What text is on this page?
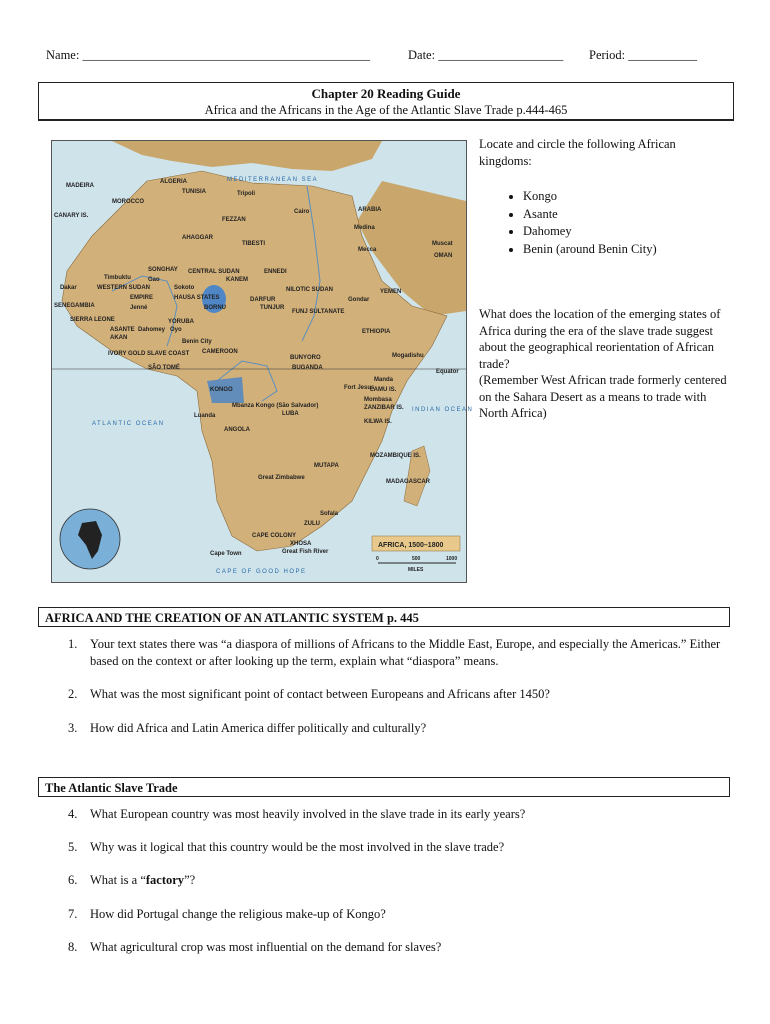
Name: ______________________________________________	Date: ____________________ Period: ___________
Chapter 20 Reading Guide
Africa and the Africans in the Age of the Atlantic Slave Trade p.444-465
MADEIRA
CANARY IS.
ALGERIA
TUNISIA
MOROCCO
Tripoli
MEDITERRANEAN SEA
Cairo
FEZZAN
AHAGGAR
TIBESTI
ARABIA
Medina
Mecca
Muscat
OMAN
SONGHAY
Timbuktu	Gao
WESTERN SUDAN
EMPIRE
Jenné
Dakar
SENEGAMBIA
SIERRA LEONE
ASANTE
AKAN
Dahomey Oyo
Benin City
YORUBA
HAUSA STATES
Sokoto
CENTRAL SUDAN
KANEM
BORNU
ENNEDI
DARFUR
TUNJUR
NILOTIC SUDAN
FUNJ SULTANATE
Gondar
YEMEN
ETHIOPIA
IVORY GOLD SLAVE COAST
SÃO TOMÉ
CAMEROON
BUNYORO
BUGANDA
Mogadishu
Equator
KONGO
Mbanza Kongo (São Salvador)
Luanda
ANGOLA
LUBA
Manda
LAMU IS.
Fort Jesus
Mombasa
ZANZIBAR IS.
KILWA IS.
ATLANTIC OCEAN
INDIAN OCEAN
MOZAMBIQUE IS.
MADAGASCAR
MUTAPA
Great Zimbabwe
Sofala
ZULU
CAPE COLONY
XHOSA
Cape Town	Great Fish River
CAPE OF GOOD HOPE
AFRICA, 1500–1800
0	500	1000
MILES
Locate and circle the following African kingdoms:
• Kongo
• Asante
• Dahomey
• Benin (around Benin City)
What does the location of the emerging states of Africa during the era of the slave trade suggest about the geographical reorientation of African trade?
(Remember West African trade formerly centered on the Sahara Desert as a means to trade with North Africa)
AFRICA AND THE CREATION OF AN ATLANTIC SYSTEM p. 445
1.	Your text states there was “a diaspora of millions of Africans to the Middle East, Europe, and especially the Americas.” Either based on the context or after looking up the term, explain what “diaspora” means.
2.	What was the most significant point of contact between Europeans and Africans after 1450?
3.	How did Africa and Latin America differ politically and culturally?
The Atlantic Slave Trade
4.	What European country was most heavily involved in the slave trade in its early years?
5.	Why was it logical that this country would be the most involved in the slave trade?
6.	What is a “factory”?
7.	How did Portugal change the religious make-up of Kongo?
8.	What agricultural crop was most influential on the demand for slaves?
